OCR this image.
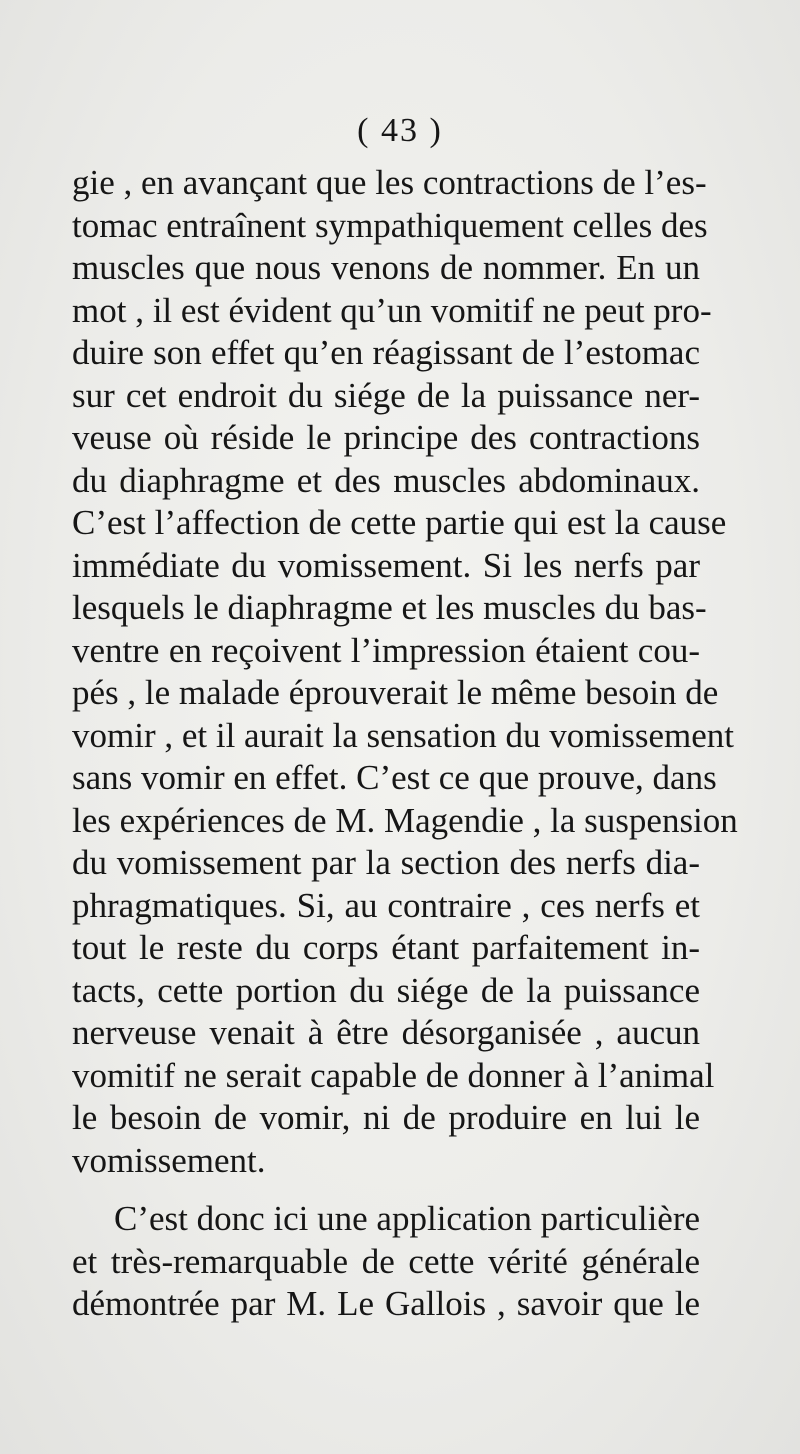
( 43 )
gie , en avançant que les contractions de l’es-
tomac entraînent sympathiquement celles des
muscles que nous venons de nommer. En un
mot , il est évident qu’un vomitif ne peut pro-
duire son effet qu’en réagissant de l’estomac
sur cet endroit du siége de la puissance ner-
veuse où réside le principe des contractions
du diaphragme et des muscles abdominaux.
C’est l’affection de cette partie qui est la cause
immédiate du vomissement. Si les nerfs par
lesquels le diaphragme et les muscles du bas-
ventre en reçoivent l’impression étaient cou-
pés , le malade éprouverait le même besoin de
vomir , et il aurait la sensation du vomissement
sans vomir en effet. C’est ce que prouve, dans
les expériences de M. Magendie , la suspension
du vomissement par la section des nerfs dia-
phragmatiques. Si, au contraire , ces nerfs et
tout le reste du corps étant parfaitement in-
tacts, cette portion du siége de la puissance
nerveuse venait à être désorganisée , aucun
vomitif ne serait capable de donner à l’animal
le besoin de vomir, ni de produire en lui le
vomissement.
C’est donc ici une application particulière
et très-remarquable de cette vérité générale
démontrée par M. Le Gallois , savoir que le
